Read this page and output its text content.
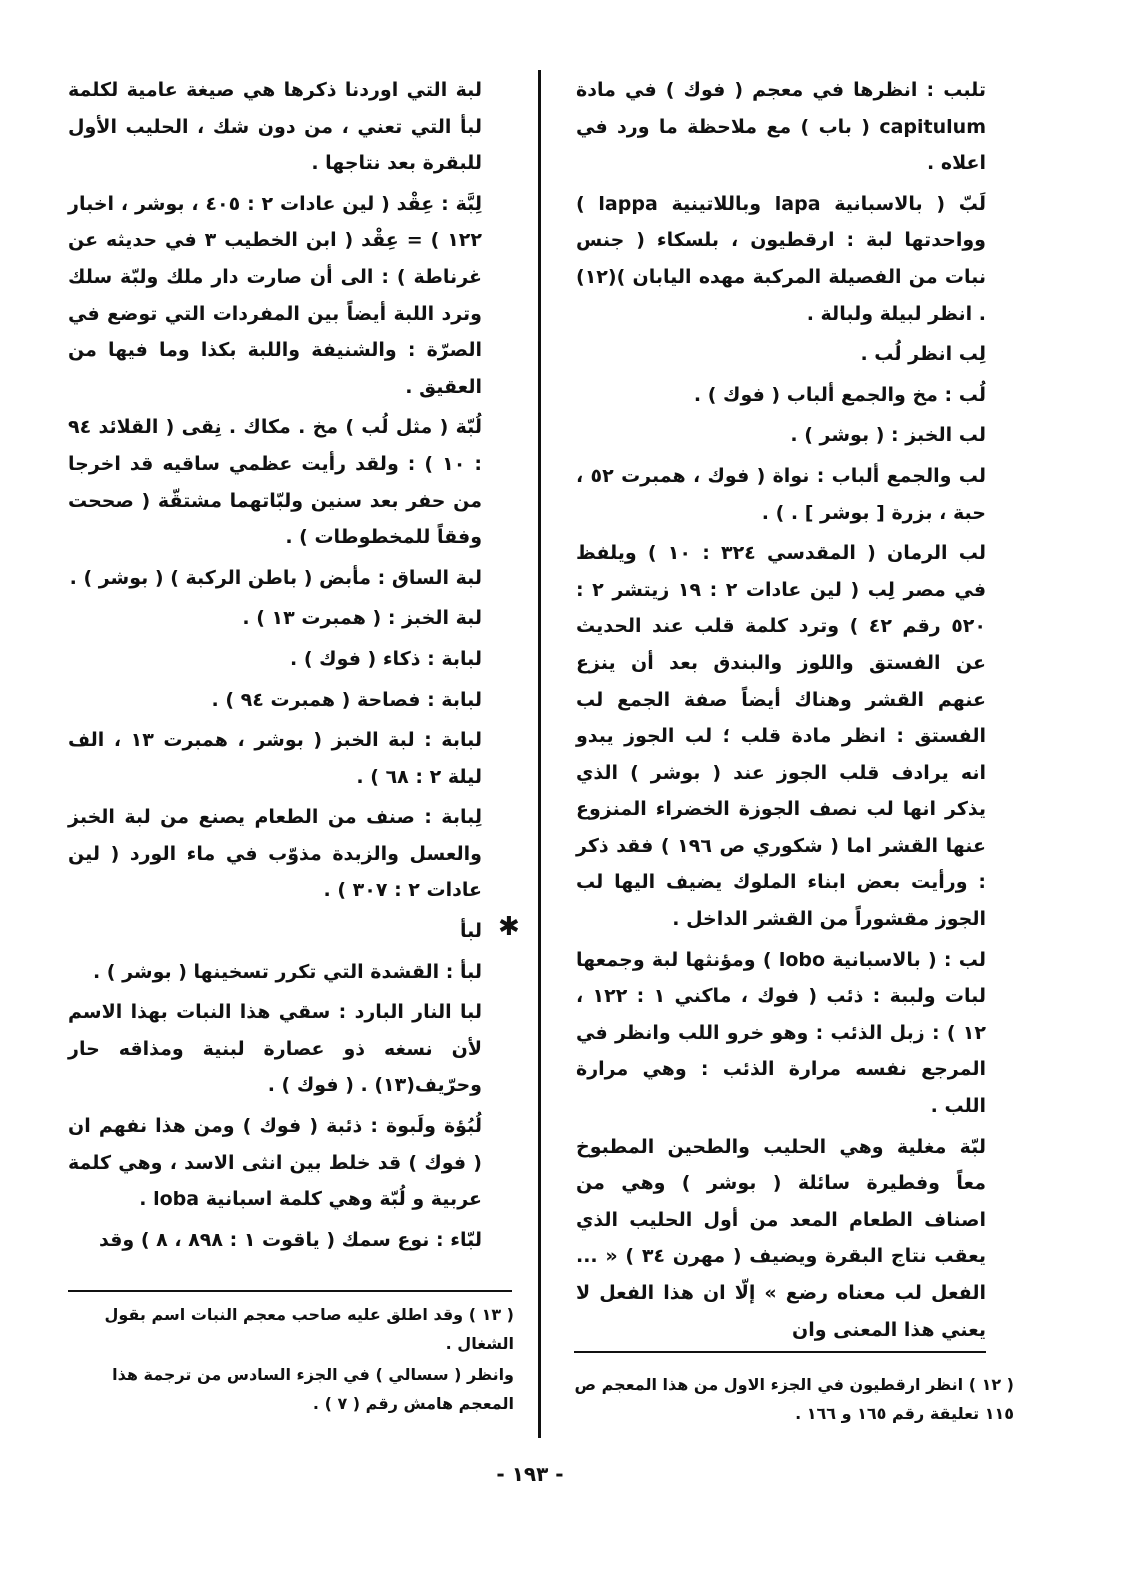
تلبب : انظرها في معجم ( فوك ) في مادة capitulum ( باب ) مع ملاحظة ما ورد في اعلاه .

لَبّ ( بالاسبانية lapa وباللاتينية lappa ) وواحدتها لبة : ارقطيون ، بلسكاء ( جنس نبات من الفصيلة المركبة مهده اليابان )(١٢) . انظر لبيلة ولبالة .

لِب انظر لُب .

لُب : مخ والجمع ألباب ( فوك ) .

لب الخبز : ( بوشر ) .

لب والجمع ألباب : نواة ( فوك ، همبرت ٥٢ ، حبة ، بزرة [ بوشر ] . ) .

لب الرمان ( المقدسي ٣٢٤ : ١٠ ) ويلفظ في مصر لِب ( لين عادات ٢ : ١٩ زيتشر ٢ : ٥٢٠ رقم ٤٢ ) وترد كلمة قلب عند الحديث عن الفستق واللوز والبندق بعد أن ينزع عنهم القشر وهناك أيضاً صفة الجمع لب الفستق : انظر مادة قلب ؛ لب الجوز يبدو انه يرادف قلب الجوز عند ( بوشر ) الذي يذكر انها لب نصف الجوزة الخضراء المنزوع عنها القشر اما ( شكوري ص ١٩٦ ) فقد ذكر : ورأيت بعض ابناء الملوك يضيف اليها لب الجوز مقشوراً من القشر الداخل .

لب : ( بالاسبانية lobo ) ومؤنثها لبة وجمعها لبات ولببة : ذئب ( فوك ، ماكني ١ : ١٢٢ ، ١٢ ) : زبل الذئب : وهو خرو اللب وانظر في المرجع نفسه مرارة الذئب : وهي مرارة اللب .

لبّة مغلية وهي الحليب والطحين المطبوخ معاً وفطيرة سائلة ( بوشر ) وهي من اصناف الطعام المعد من أول الحليب الذي يعقب نتاج البقرة ويضيف ( مهرن ٣٤ ) « ... الفعل لب معناه رضع » إلّا ان هذا الفعل لا يعني هذا المعنى وان

لبة التي اوردنا ذكرها هي صيغة عامية لكلمة لبأ التي تعني ، من دون شك ، الحليب الأول للبقرة بعد نتاجها .

لِبَّة : عِقْد ( لين عادات ٢ : ٤٠٥ ، بوشر ، اخبار ١٢٢ ) = عِقْد ( ابن الخطيب ٣ في حديثه عن غرناطة ) : الى أن صارت دار ملك ولبّة سلك وترد اللبة أيضاً بين المفردات التي توضع في الصرّة : والشنيفة واللبة بكذا وما فيها من العقيق .

لُبّة ( مثل لُب ) مخ . مكاك . نِقى ( القلائد ٩٤ : ١٠ ) : ولقد رأيت عظمي ساقيه قد اخرجا من حفر بعد سنين ولبّاتهما مشتقّة ( صححت وفقاً للمخطوطات ) .

لبة الساق : مأبض ( باطن الركبة ) ( بوشر ) .

لبة الخبز : ( همبرت ١٣ ) .

لبابة : ذكاء ( فوك ) .

لبابة : فصاحة ( همبرت ٩٤ ) .

لبابة : لبة الخبز ( بوشر ، همبرت ١٣ ، الف ليلة ٢ : ٦٨ ) .

لِبابة : صنف من الطعام يصنع من لبة الخبز والعسل والزبدة مذوّب في ماء الورد ( لين عادات ٢ : ٣٠٧ ) .

لبأ

لبأ : القشدة التي تكرر تسخينها ( بوشر ) .

لبا النار البارد : سقي هذا النبات بهذا الاسم لأن نسغه ذو عصارة لبنية ومذاقه حار وحرّيف(١٣) . ( فوك ) .

لُبُؤة ولَبوة : ذئبة ( فوك ) ومن هذا نفهم ان ( فوك ) قد خلط بين انثى الاسد ، وهي كلمة عربية و لُبّة وهي كلمة اسبانية loba .

لبّاء : نوع سمك ( ياقوت ١ : ٨٩٨ ، ٨ ) وقد

✱

( ١٢ ) انظر ارقطيون في الجزء الاول من هذا المعجم ص ١١٥ تعليقة رقم ١٦٥ و ١٦٦ .

( ١٣ ) وقد اطلق عليه صاحب معجم النبات اسم بقول الشغال .

وانظر ( سسالي ) في الجزء السادس من ترجمة هذا المعجم هامش رقم ( ٧ ) .

- ١٩٣ -
